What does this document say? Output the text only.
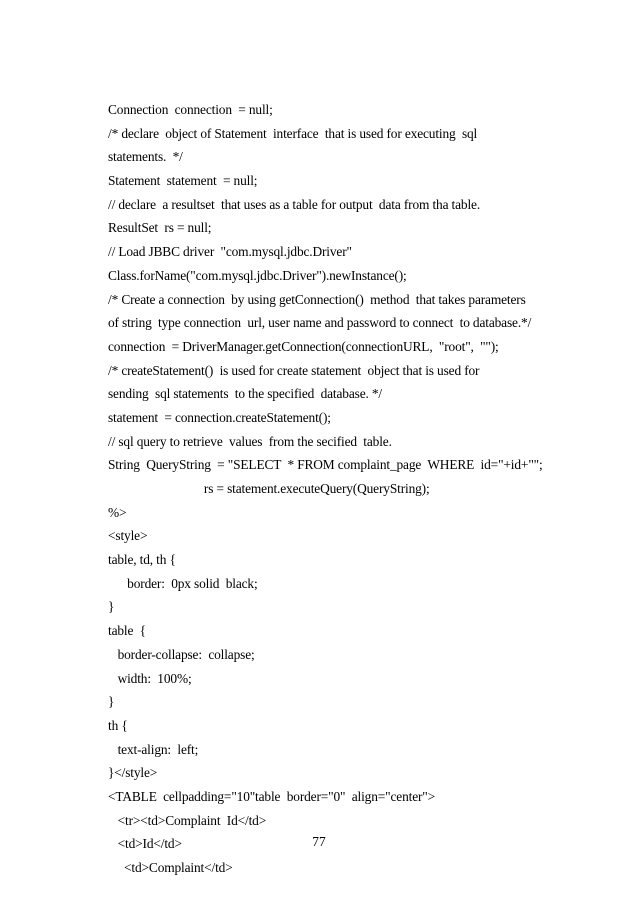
Connection  connection  = null;
/* declare  object of Statement  interface  that is used for executing  sql
statements.  */
Statement  statement  = null;
// declare  a resultset  that uses as a table for output  data from tha table.
ResultSet  rs = null;
// Load JBBC driver  "com.mysql.jdbc.Driver"
Class.forName("com.mysql.jdbc.Driver").newInstance();
/* Create a connection  by using getConnection()  method  that takes parameters
of string  type connection  url, user name and password to connect  to database.*/
connection  = DriverManager.getConnection(connectionURL,  "root",  "");
/* createStatement()  is used for create statement  object that is used for
sending  sql statements  to the specified  database. */
statement  = connection.createStatement();
// sql query to retrieve  values  from the secified  table.
String  QueryString  = "SELECT  * FROM complaint_page  WHERE  id="+id+"";
rs = statement.executeQuery(QueryString);
%>
<style>
table, td, th {
border:  0px solid  black;
}
table  {
border-collapse:  collapse;
width:  100%;
}
th {
text-align:  left;
}</style>
<TABLE  cellpadding="10"table  border="0"  align="center">
<tr><td>Complaint  Id</td>
<td>Id</td>
<td>Complaint</td>
77
